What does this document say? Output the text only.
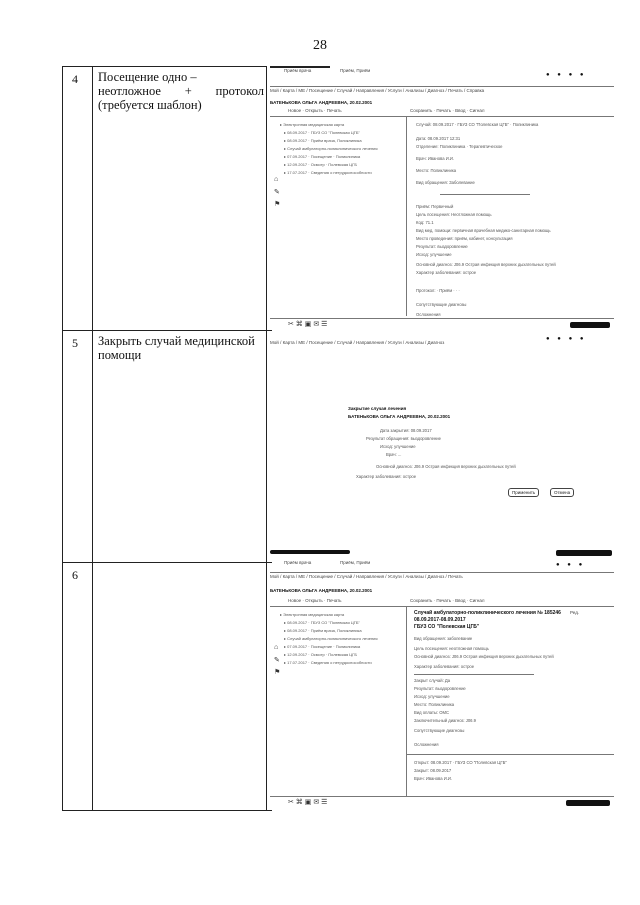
28
4 Посещение одно –
неотложное + протокол
(требуется шаблон)
5 Закрыть случай медицинской
помощи
6
Приём врача	Приём, Приём
● ● ● ●
Мой / Карта / МЕ / Посещение / Случай / Направления / Услуги / Анализы / Диагноз / Печать / Справка
БАТЕНЬКОВА ОЛЬГА АНДРЕЕВНА, 20.02.2001
Новое · Открыть · Печать	Сохранить · Печать · Ввод · Сигнал
▸ Электронная медицинская карта
▸ 08.09.2017 · ГБУЗ СО "Полевская ЦГБ"
▸ 08.09.2017 · Приём врача, Поликлиника
▸ Случай амбулаторно-поликлинического лечения
▸ 07.09.2017 · Посещение · Поликлиника
▸ 12.09.2017 · Осмотр · Полевская ЦГБ
▸ 17.07.2017 · Сведения о нетрудоспособности
⌂
✎
⚑
Случай: 08.09.2017 · ГБУЗ СО "Полевская ЦГБ" · Поликлиника
Дата: 08.09.2017 12:31
Отделение: Поликлиника · Терапевтическое
Врач: Иванова И.И.
Место: Поликлиника
Вид обращения: Заболевание
Приём: Первичный
Цель посещения: Неотложная помощь
Код: 71.1
Вид мед. помощи: первичная врачебная медико-санитарная помощь
Место проведения: приём, кабинет, консультация
Результат: выздоровление
Исход: улучшение
Основной диагноз: J06.9 Острая инфекция верхних дыхательных путей
Характер заболевания: острое
Протокол: · Приём · · ·
Сопутствующие диагнозы
Осложнения
✂ ⌘ ▣ ✉ ☰
Мой / Карта / МЕ / Посещение / Случай / Направления / Услуги / Анализы / Диагноз
● ● ● ●
Закрытие случая лечения
БАТЕНЬКОВА ОЛЬГА АНДРЕЕВНА, 20.02.2001
Дата закрытия: 08.09.2017
Результат обращения: выздоровление
Исход: улучшение
Врач: ...
Основной диагноз: J06.9 Острая инфекция верхних дыхательных путей
Характер заболевания: острое
Применить	Отмена
Приём врача	Приём, Приём	● ● ●
Мой / Карта / МЕ / Посещение / Случай / Направления / Услуги / Анализы / Диагноз / Печать
БАТЕНЬКОВА ОЛЬГА АНДРЕЕВНА, 20.02.2001
Новое · Открыть · Печать	Сохранить · Печать · Ввод · Сигнал
▸ Электронная медицинская карта
▸ 08.09.2017 · ГБУЗ СО "Полевская ЦГБ"
▸ 08.09.2017 · Приём врача, Поликлиника
▸ Случай амбулаторно-поликлинического лечения
▸ 07.09.2017 · Посещение · Поликлиника
▸ 12.09.2017 · Осмотр · Полевская ЦГБ
▸ 17.07.2017 · Сведения о нетрудоспособности
⌂
✎
⚑
Случай амбулаторно-поликлинического лечения № 185246
08.09.2017-08.09.2017
ГБУЗ СО "Полевская ЦГБ"
Ред.
Вид обращения: заболевание
Цель посещения: неотложная помощь
Основной диагноз: J06.9 Острая инфекция верхних дыхательных путей
Характер заболевания: острое
Закрыт случай: Да
Результат: выздоровление
Исход: улучшение
Место: Поликлиника
Вид оплаты: ОМС
Заключительный диагноз: J06.9
Сопутствующие диагнозы
Осложнения
Открыт: 08.09.2017 · ГБУЗ СО "Полевская ЦГБ"
Закрыт: 08.09.2017
Врач: Иванова И.И.
✂ ⌘ ▣ ✉ ☰
